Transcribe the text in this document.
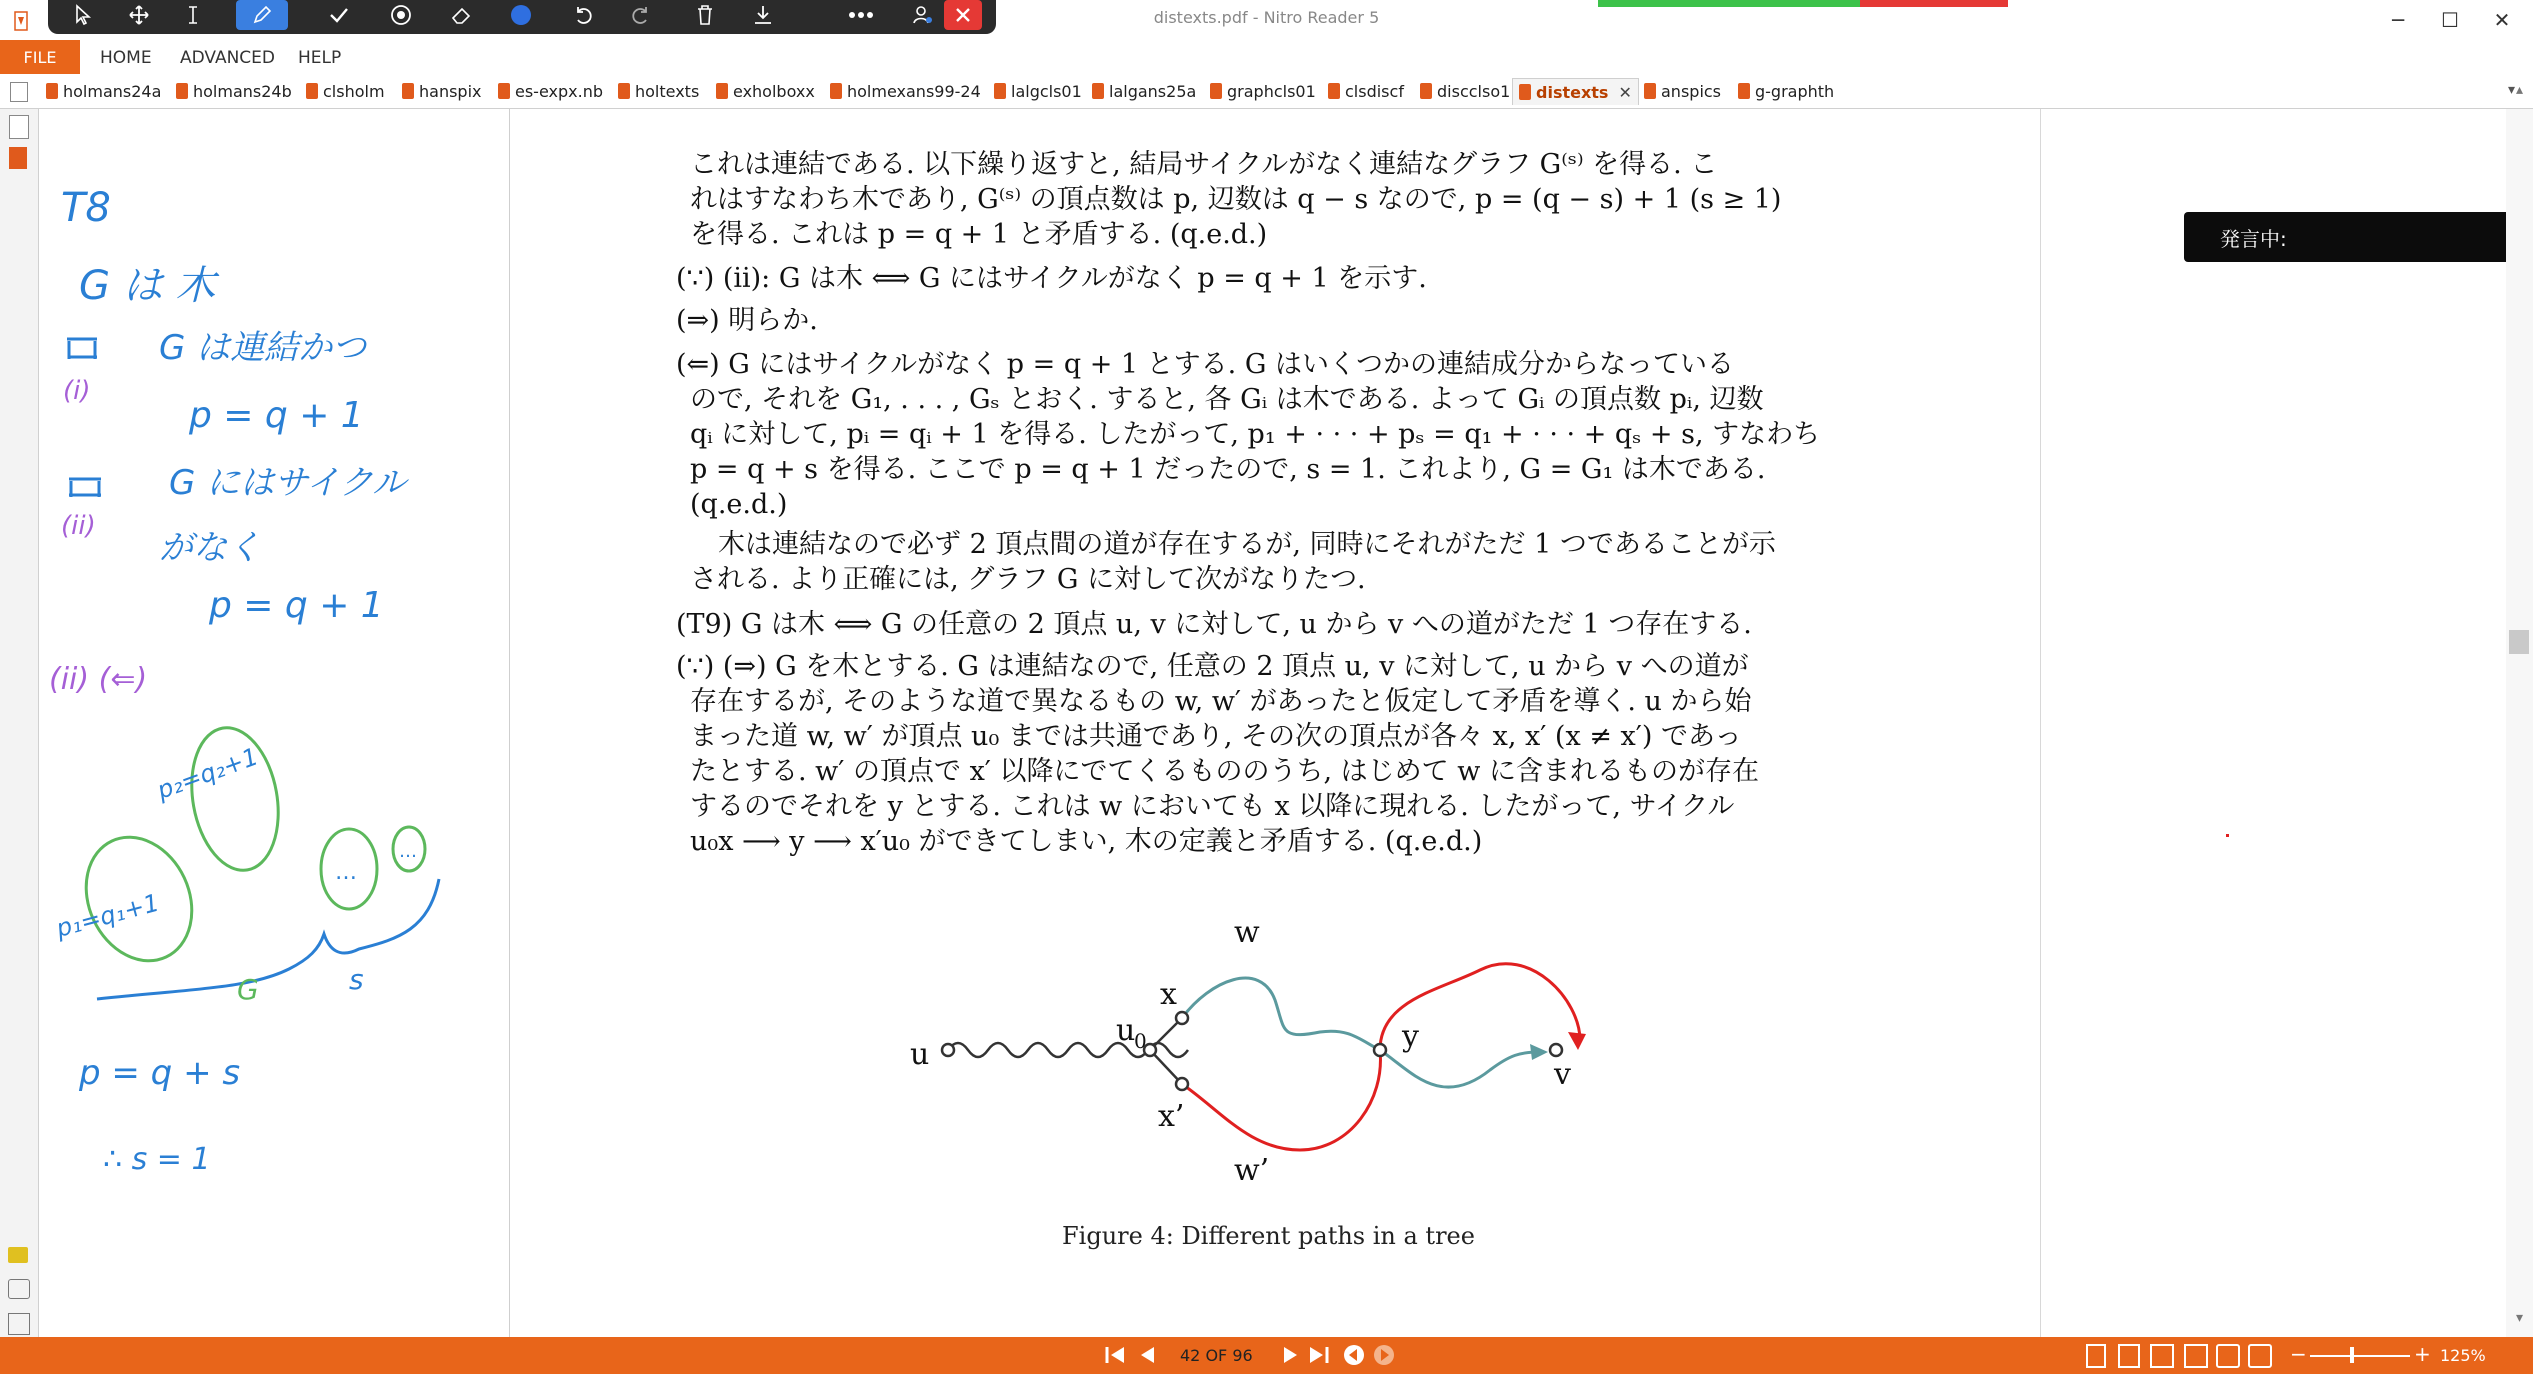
distexts.pdf - Nitro Reader 5	─	☐	✕
FILE	HOME ADVANCED HELP
holmans24a holmans24b clsholm hanspix es-expx.nb holtexts exholboxx holmexans99-24 lalgcls01 lalgans25a graphcls01 clsdiscf discclso1 distexts ✕ anspics g-graphth	▾
T8
G は 木
(i)
G は連結かつ
p = q + 1
(ii)
G にはサイクル
がなく
p = q + 1
(ii) (⇐)
p₂=q₂+1
p₁=q₁+1
…
…
G	s
p = q + s
∴ s = 1
これは連結である. 以下繰り返すと, 結局サイクルがなく連結なグラフ G⁽ˢ⁾ を得る. こ
れはすなわち木であり, G⁽ˢ⁾ の頂点数は p, 辺数は q − s なので, p = (q − s) + 1 (s ≥ 1)
を得る. これは p = q + 1 と矛盾する. (q.e.d.)
(∵) (ii): G は木 ⟺ G にはサイクルがなく p = q + 1 を示す.
(⇒) 明らか.
(⇐) G にはサイクルがなく p = q + 1 とする. G はいくつかの連結成分からなっている
ので, それを G₁, . . . , Gₛ とおく. すると, 各 Gᵢ は木である. よって Gᵢ の頂点数 pᵢ, 辺数
qᵢ に対して, pᵢ = qᵢ + 1 を得る. したがって, p₁ + · · · + pₛ = q₁ + · · · + qₛ + s, すなわち
p = q + s を得る. ここで p = q + 1 だったので, s = 1. これより, G = G₁ は木である.
(q.e.d.)
木は連結なので必ず 2 頂点間の道が存在するが, 同時にそれがただ 1 つであることが示
される. より正確には, グラフ G に対して次がなりたつ.
(T9) G は木 ⟺ G の任意の 2 頂点 u, v に対して, u から v への道がただ 1 つ存在する.
(∵) (⇒) G を木とする. G は連結なので, 任意の 2 頂点 u, v に対して, u から v への道が
存在するが, そのような道で異なるもの w, w′ があったと仮定して矛盾を導く. u から始
まった道 w, w′ が頂点 u₀ までは共通であり, その次の頂点が各々 x, x′ (x ≠ x′) であっ
たとする. w′ の頂点で x′ 以降にでてくるもののうち, はじめて w に含まれるものが存在
するのでそれを y とする. これは w においても x 以降に現れる. したがって, サイクル
u₀x ⟶ y ⟶ x′u₀ ができてしまい, 木の定義と矛盾する. (q.e.d.)
u
u
0
x
x’
w
w’
y
v
Figure 4: Different paths in a tree
発言中:
▴
▾
42 OF 96	−	+ 125%
